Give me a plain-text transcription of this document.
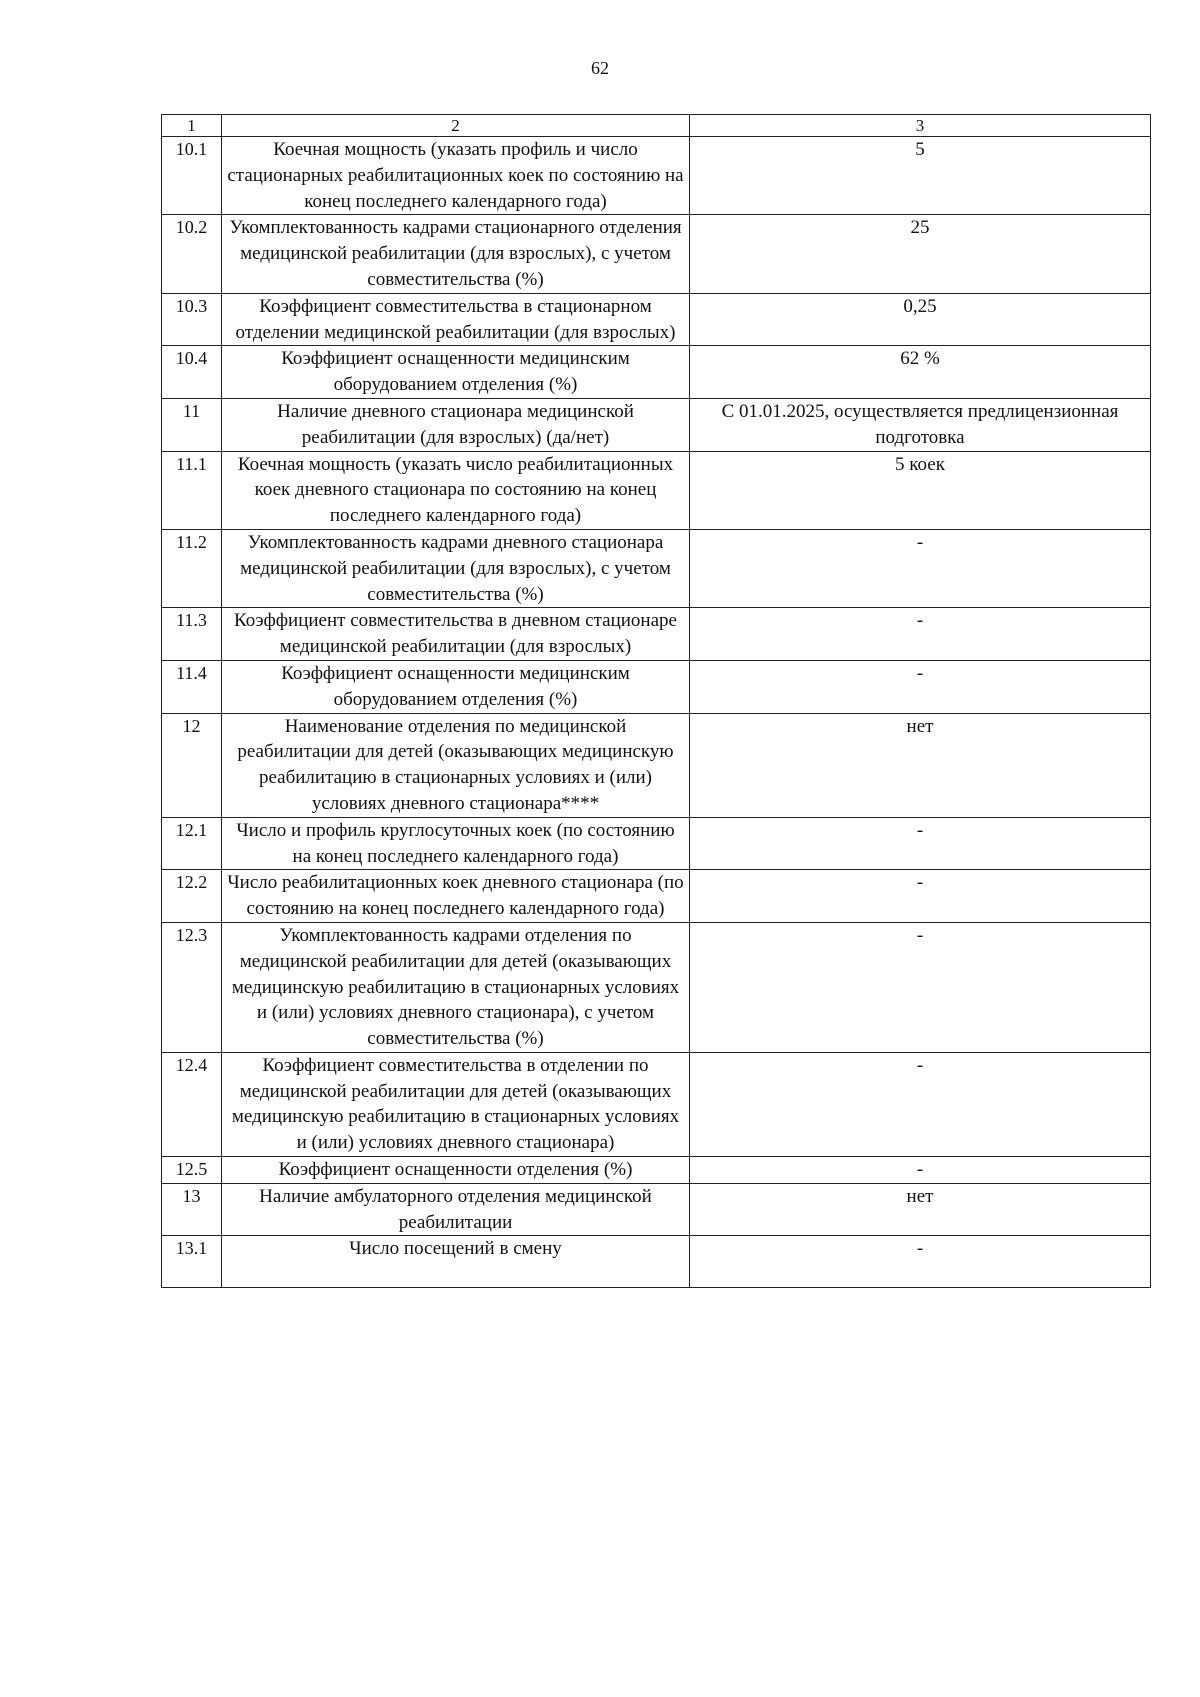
62
1	2	3
10.1	Коечная мощность (указать профиль и число стационарных реабилитационных коек по состоянию на конец последнего календарного года)	5
10.2	Укомплектованность кадрами стационарного отделения медицинской реабилитации (для взрослых), с учетом совместительства (%)	25
10.3	Коэффициент совместительства в стационарном отделении медицинской реабилитации (для взрослых)	0,25
10.4	Коэффициент оснащенности медицинским оборудованием отделения (%)	62 %
11	Наличие дневного стационара медицинской реабилитации (для взрослых) (да/нет)	С 01.01.2025, осуществляется предлицензионная подготовка
11.1	Коечная мощность (указать число реабилитационных коек дневного стационара по состоянию на конец последнего календарного года)	5 коек
11.2	Укомплектованность кадрами дневного стационара медицинской реабилитации (для взрослых), с учетом совместительства (%)	-
11.3	Коэффициент совместительства в дневном стационаре медицинской реабилитации (для взрослых)	-
11.4	Коэффициент оснащенности медицинским оборудованием отделения (%)	-
12	Наименование отделения по медицинской реабилитации для детей (оказывающих медицинскую реабилитацию в стационарных условиях и (или) условиях дневного стационара****	нет
12.1	Число и профиль круглосуточных коек (по состоянию на конец последнего календарного года)	-
12.2	Число реабилитационных коек дневного стационара (по состоянию на конец последнего календарного года)	-
12.3	Укомплектованность кадрами отделения по медицинской реабилитации для детей (оказывающих медицинскую реабилитацию в стационарных условиях и (или) условиях дневного стационара), с учетом совместительства (%)	-
12.4	Коэффициент совместительства в отделении по медицинской реабилитации для детей (оказывающих медицинскую реабилитацию в стационарных условиях и (или) условиях дневного стационара)	-
12.5	Коэффициент оснащенности отделения (%)	-
13	Наличие амбулаторного отделения медицинской реабилитации	нет
13.1	Число посещений в смену	-
